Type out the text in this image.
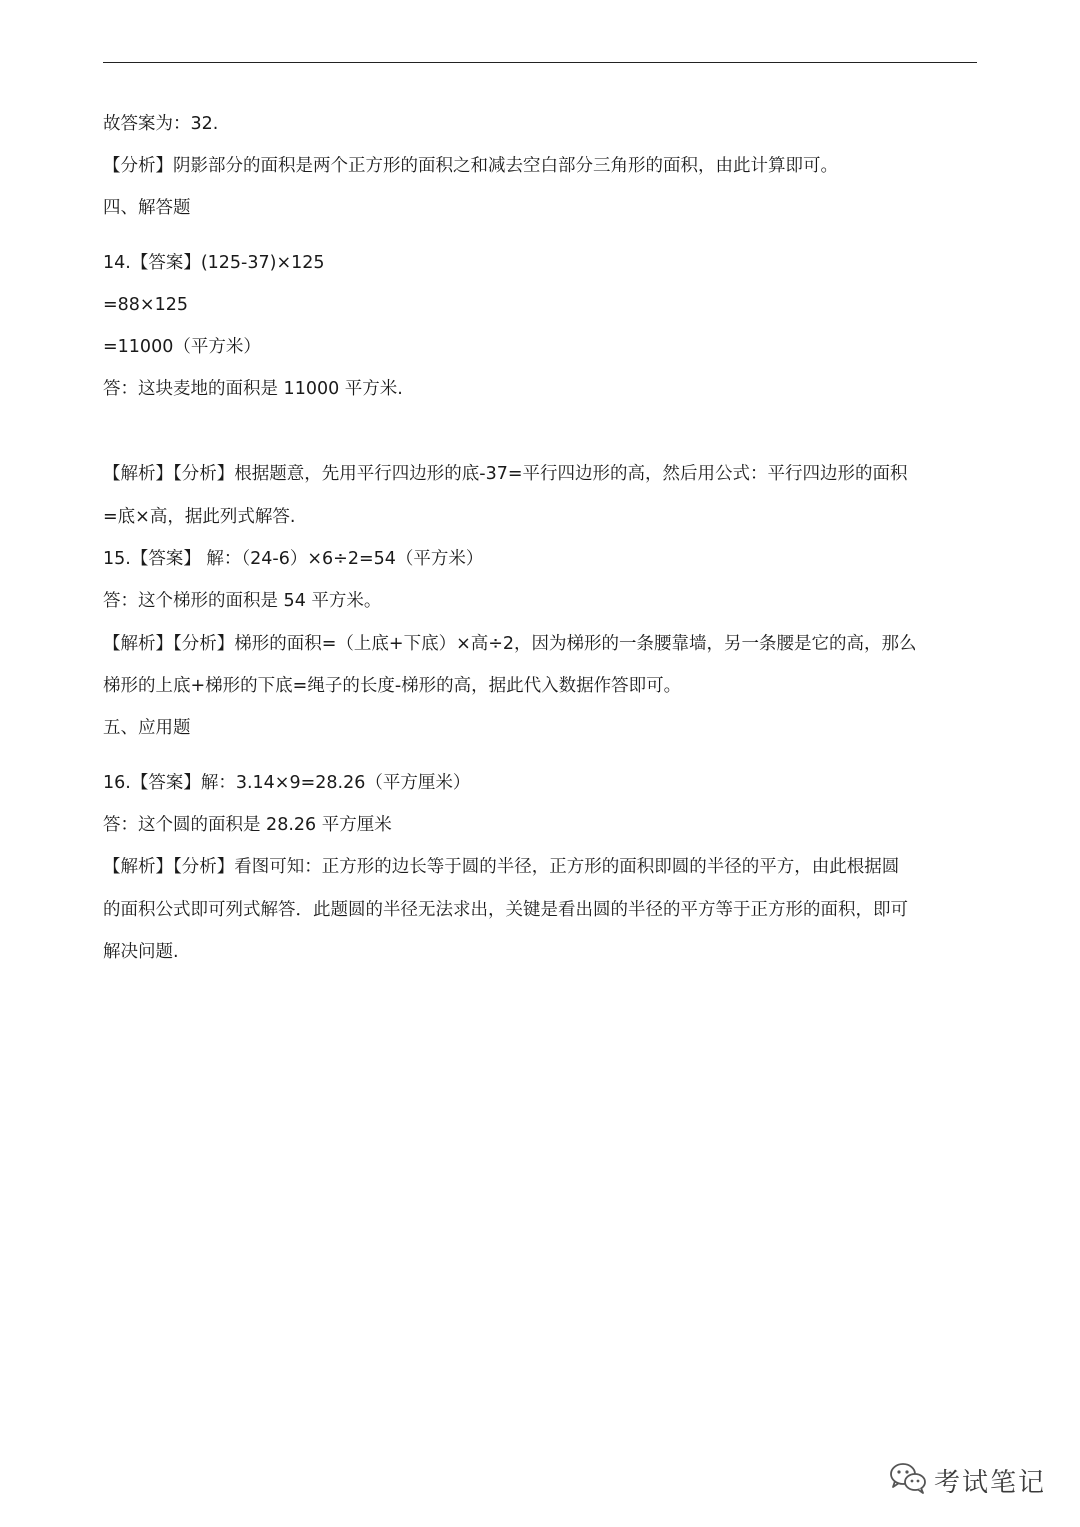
故答案为：32.
【分析】阴影部分的面积是两个正方形的面积之和减去空白部分三角形的面积，由此计算即可。
四、解答题
14.【答案】(125-37)×125
=88×125
=11000（平方米）
答：这块麦地的面积是 11000 平方米.
【解析】【分析】根据题意，先用平行四边形的底-37=平行四边形的高，然后用公式：平行四边形的面积
=底×高，据此列式解答.
15.【答案】 解：（24-6）×6÷2=54（平方米）
答：这个梯形的面积是 54 平方米。
【解析】【分析】梯形的面积=（上底+下底）×高÷2，因为梯形的一条腰靠墙，另一条腰是它的高，那么
梯形的上底+梯形的下底=绳子的长度-梯形的高，据此代入数据作答即可。
五、应用题
16.【答案】解：3.14×9=28.26（平方厘米）
答：这个圆的面积是 28.26 平方厘米
【解析】【分析】看图可知：正方形的边长等于圆的半径，正方形的面积即圆的半径的平方，由此根据圆
的面积公式即可列式解答．此题圆的半径无法求出，关键是看出圆的半径的平方等于正方形的面积，即可
解决问题.
考试笔记
